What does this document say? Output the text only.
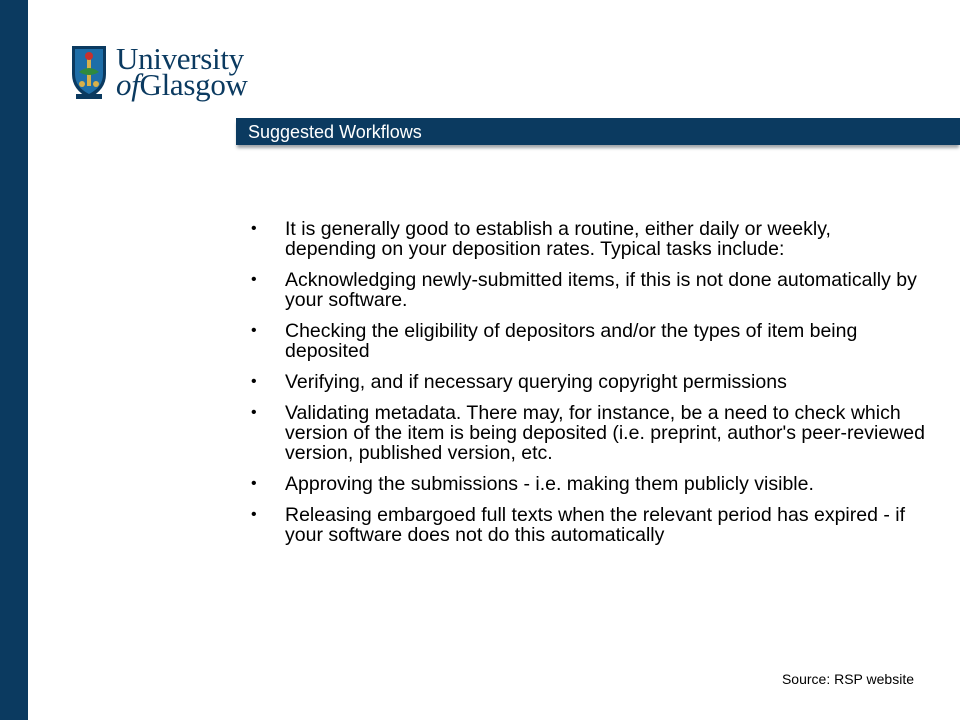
University
ofGlasgow
Suggested Workflows
• It is generally good to establish a routine, either daily or weekly, depending on your deposition rates. Typical tasks include:
• Acknowledging newly-submitted items, if this is not done automatically by your software.
• Checking the eligibility of depositors and/or the types of item being deposited
• Verifying, and if necessary querying copyright permissions
• Validating metadata. There may, for instance, be a need to check which version of the item is being deposited (i.e. preprint, author's peer-reviewed version, published version, etc.
• Approving the submissions - i.e. making them publicly visible.
• Releasing embargoed full texts when the relevant period has expired - if your software does not do this automatically
Source: RSP website
